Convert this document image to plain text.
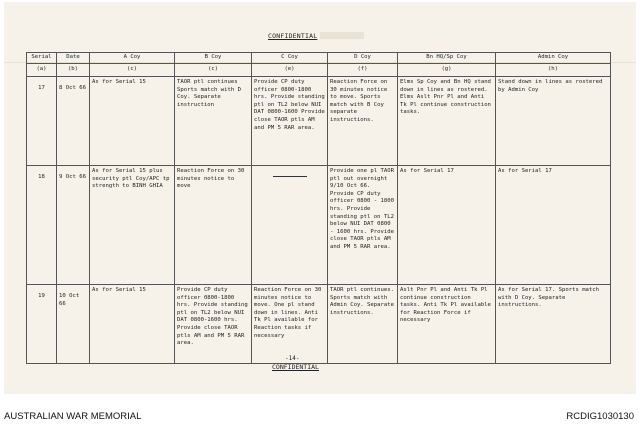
CONFIDENTIAL
Serial	Date	A Coy	B Coy	C Coy	D Coy	Bn HQ/Sp Coy	Admin Coy
(a)	(b)	(c)	(c)	(e)	(f)	(g)	(h)
17	8 Oct 66	As for Serial 15	TAOR ptl continues Sports match with D Coy. Separate instruction	Provide CP duty officer 0800-1800 hrs. Provide standing ptl on TL2 below NUI DAT 0800-1600 Provide close TAOR ptls AM and PM 5 RAR area.	Reaction Force on 30 minutes notice to move. Sports match with B Coy separate instructions.	Elms Sp Coy and Bn HQ stand down in lines as rostered. Elms Aslt Pnr Pl and Anti Tk Pl continue construction tasks.	Stand down in lines as rostered by Admin Coy
18	9 Oct 66	As for Serial 15 plus security ptl Coy/APC tp strength to BINH GHIA	Reaction Force on 30 minutes notice to move		Provide one pl TAOR ptl out overnight 9/10 Oct 66. Provide CP duty officer 0800 - 1800 hrs. Provide standing ptl on TL2 below NUI DAT 0800 - 1600 hrs. Provide close TAOR ptls AM and PM 5 RAR area.	As for Serial 17	As for Serial 17
19	10 Oct 66	As for Serial 15	Provide CP duty officer 0800-1800 hrs. Provide standing ptl on TL2 below NUI DAT 0800-1600 hrs. Provide close TAOR ptls AM and PM 5 RAR area.	Reaction Force on 30 minutes notice to move. One pl stand down in lines. Anti Tk Pl available for Reaction tasks if necessary	TAOR ptl continues. Sports match with Admin Coy. Separate instructions.	Aslt Pnr Pl and Anti Tk Pl continue construction tasks. Anti Tk Pl available for Reaction Force if necessary	As for Serial 17. Sports match with D Coy. Separate instructions.
-14-
CONFIDENTIAL
AUSTRALIAN WAR MEMORIAL	RCDIG1030130
